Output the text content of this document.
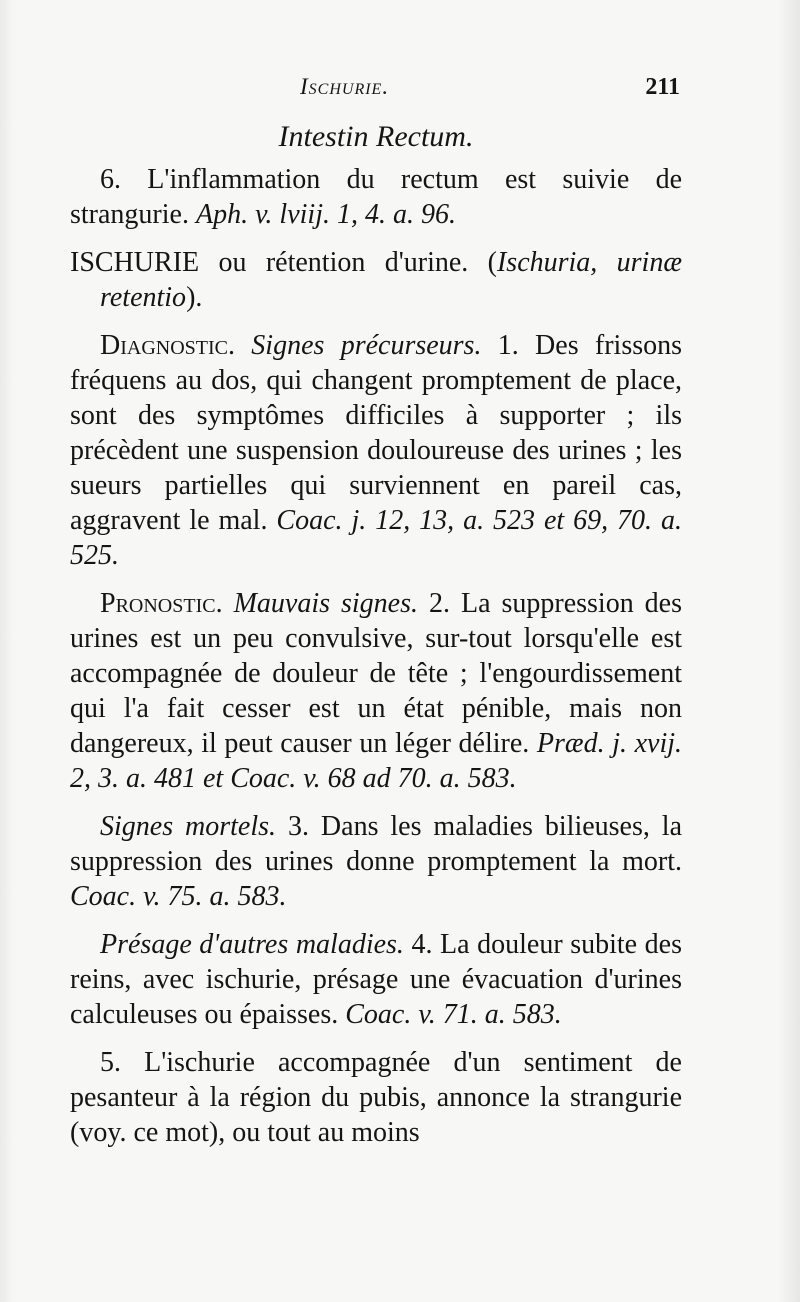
Ischurie.	211
Intestin Rectum.

6. L'inflammation du rectum est suivie de strangurie. Aph. v. lviij. 1, 4. a. 96.

ISCHURIE ou rétention d'urine. (Ischuria, urinæ retentio).

Diagnostic. Signes précurseurs. 1. Des frissons fréquens au dos, qui changent promptement de place, sont des symptômes difficiles à supporter ; ils précèdent une suspension douloureuse des urines ; les sueurs partielles qui surviennent en pareil cas, aggravent le mal. Coac. j. 12, 13, a. 523 et 69, 70. a. 525.

Pronostic. Mauvais signes. 2. La suppression des urines est un peu convulsive, sur-tout lorsqu'elle est accompagnée de douleur de tête ; l'engourdissement qui l'a fait cesser est un état pénible, mais non dangereux, il peut causer un léger délire. Præd. j. xvij. 2, 3. a. 481 et Coac. v. 68 ad 70. a. 583.

Signes mortels. 3. Dans les maladies bilieuses, la suppression des urines donne promptement la mort. Coac. v. 75. a. 583.

Présage d'autres maladies. 4. La douleur subite des reins, avec ischurie, présage une évacuation d'urines calculeuses ou épaisses. Coac. v. 71. a. 583.

5. L'ischurie accompagnée d'un sentiment de pesanteur à la région du pubis, annonce la strangurie (voy. ce mot), ou tout au moins
